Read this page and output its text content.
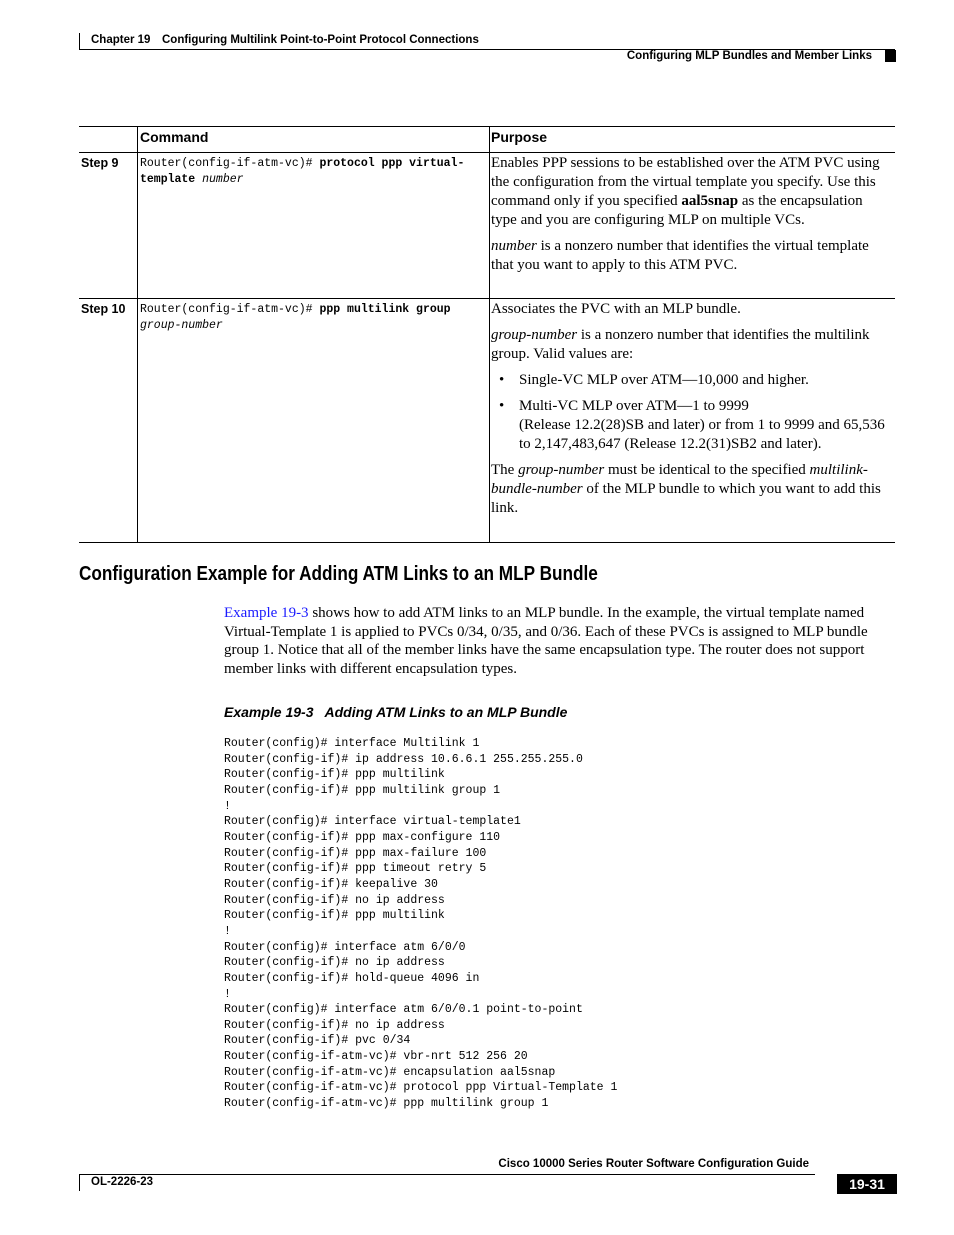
Chapter 19 Configuring Multilink Point-to-Point Protocol Connections
Configuring MLP Bundles and Member Links
Command	Purpose
Step 9 Router(config-if-atm-vc)# protocol ppp virtual-template number

Enables PPP sessions to be established over the ATM PVC using the configuration from the virtual template you specify. Use this command only if you specified aal5snap as the encapsulation type and you are configuring MLP on multiple VCs.

number is a nonzero number that identifies the virtual template that you want to apply to this ATM PVC.

Step 10 Router(config-if-atm-vc)# ppp multilink group group-number

Associates the PVC with an MLP bundle.

group-number is a nonzero number that identifies the multilink group. Valid values are:

• Single-VC MLP over ATM—10,000 and higher.
• Multi-VC MLP over ATM—1 to 9999
(Release 12.2(28)SB and later) or from 1 to 9999 and 65,536 to 2,147,483,647 (Release 12.2(31)SB2 and later).

The group-number must be identical to the specified multilink-bundle-number of the MLP bundle to which you want to add this link.

Configuration Example for Adding ATM Links to an MLP Bundle
Example 19-3 shows how to add ATM links to an MLP bundle. In the example, the virtual template named Virtual-Template 1 is applied to PVCs 0/34, 0/35, and 0/36. Each of these PVCs is assigned to MLP bundle group 1. Notice that all of the member links have the same encapsulation type. The router does not support member links with different encapsulation types.
Example 19-3 Adding ATM Links to an MLP Bundle
Router(config)# interface Multilink 1
Router(config-if)# ip address 10.6.6.1 255.255.255.0
Router(config-if)# ppp multilink
Router(config-if)# ppp multilink group 1
!
Router(config)# interface virtual-template1
Router(config-if)# ppp max-configure 110
Router(config-if)# ppp max-failure 100
Router(config-if)# ppp timeout retry 5
Router(config-if)# keepalive 30
Router(config-if)# no ip address
Router(config-if)# ppp multilink
!
Router(config)# interface atm 6/0/0
Router(config-if)# no ip address
Router(config-if)# hold-queue 4096 in
!
Router(config)# interface atm 6/0/0.1 point-to-point
Router(config-if)# no ip address
Router(config-if)# pvc 0/34
Router(config-if-atm-vc)# vbr-nrt 512 256 20
Router(config-if-atm-vc)# encapsulation aal5snap
Router(config-if-atm-vc)# protocol ppp Virtual-Template 1
Router(config-if-atm-vc)# ppp multilink group 1
Cisco 10000 Series Router Software Configuration Guide
OL-2226-23	19-31
